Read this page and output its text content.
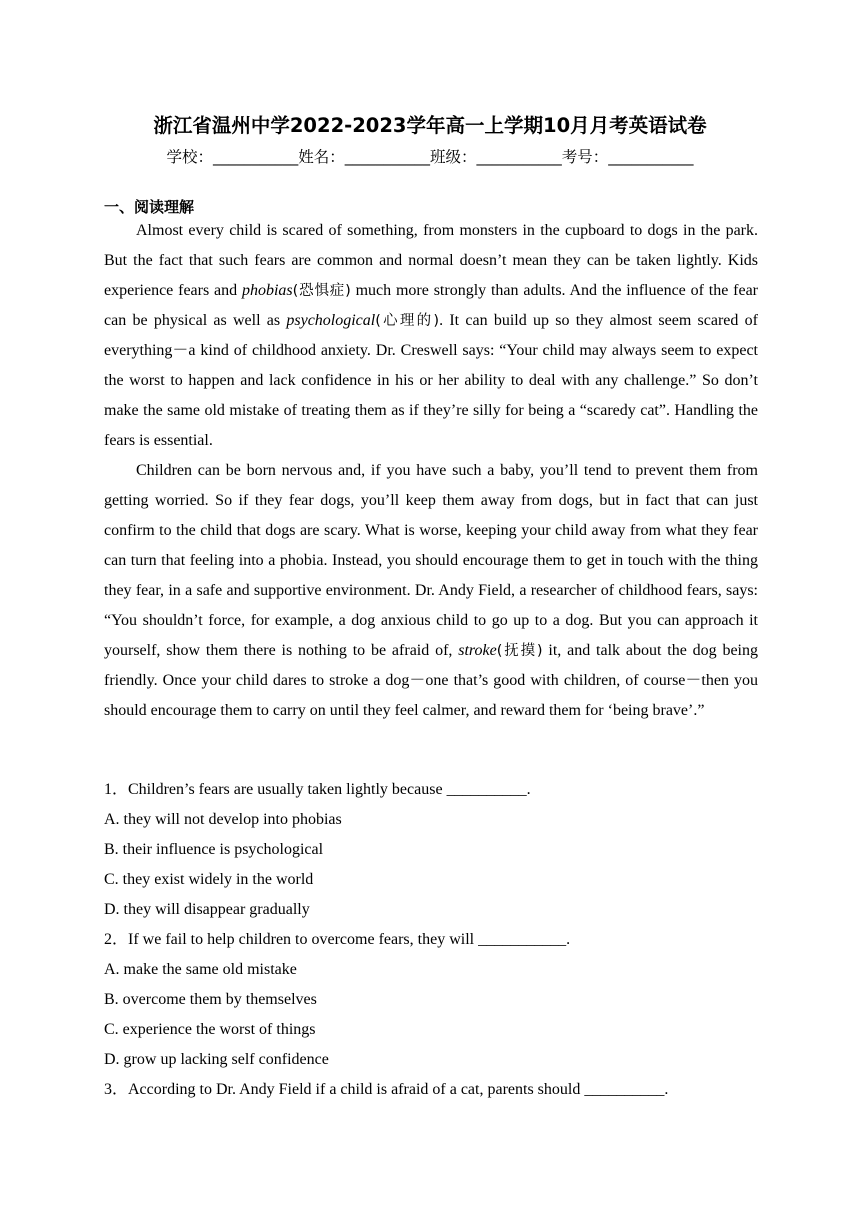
浙江省温州中学2022-2023学年高一上学期10月月考英语试卷
学校：___________姓名：___________班级：___________考号：___________
一、阅读理解

Almost every child is scared of something, from monsters in the cupboard to dogs in the park. But the fact that such fears are common and normal doesn’t mean they can be taken lightly. Kids experience fears and phobias(恐惧症) much more strongly than adults. And the influence of the fear can be physical as well as psychological(心理的). It can build up so they almost seem scared of everything－a kind of childhood anxiety. Dr. Creswell says: “Your child may always seem to expect the worst to happen and lack confidence in his or her ability to deal with any challenge.” So don’t make the same old mistake of treating them as if they’re silly for being a “scaredy cat”. Handling the fears is essential.

Children can be born nervous and, if you have such a baby, you’ll tend to prevent them from getting worried. So if they fear dogs, you’ll keep them away from dogs, but in fact that can just confirm to the child that dogs are scary. What is worse, keeping your child away from what they fear can turn that feeling into a phobia. Instead, you should encourage them to get in touch with the thing they fear, in a safe and supportive environment. Dr. Andy Field, a researcher of childhood fears, says: “You shouldn’t force, for example, a dog anxious child to go up to a dog. But you can approach it yourself, show them there is nothing to be afraid of, stroke(抚摸) it, and talk about the dog being friendly. Once your child dares to stroke a dog－one that’s good with children, of course－then you should encourage them to carry on until they feel calmer, and reward them for ‘being brave’.”

1．Children’s fears are usually taken lightly because __________.

A. they will not develop into phobias

B. their influence is psychological

C. they exist widely in the world

D. they will disappear gradually

2．If we fail to help children to overcome fears, they will ___________.

A. make the same old mistake

B. overcome them by themselves

C. experience the worst of things

D. grow up lacking self confidence

3．According to Dr. Andy Field if a child is afraid of a cat, parents should __________.
